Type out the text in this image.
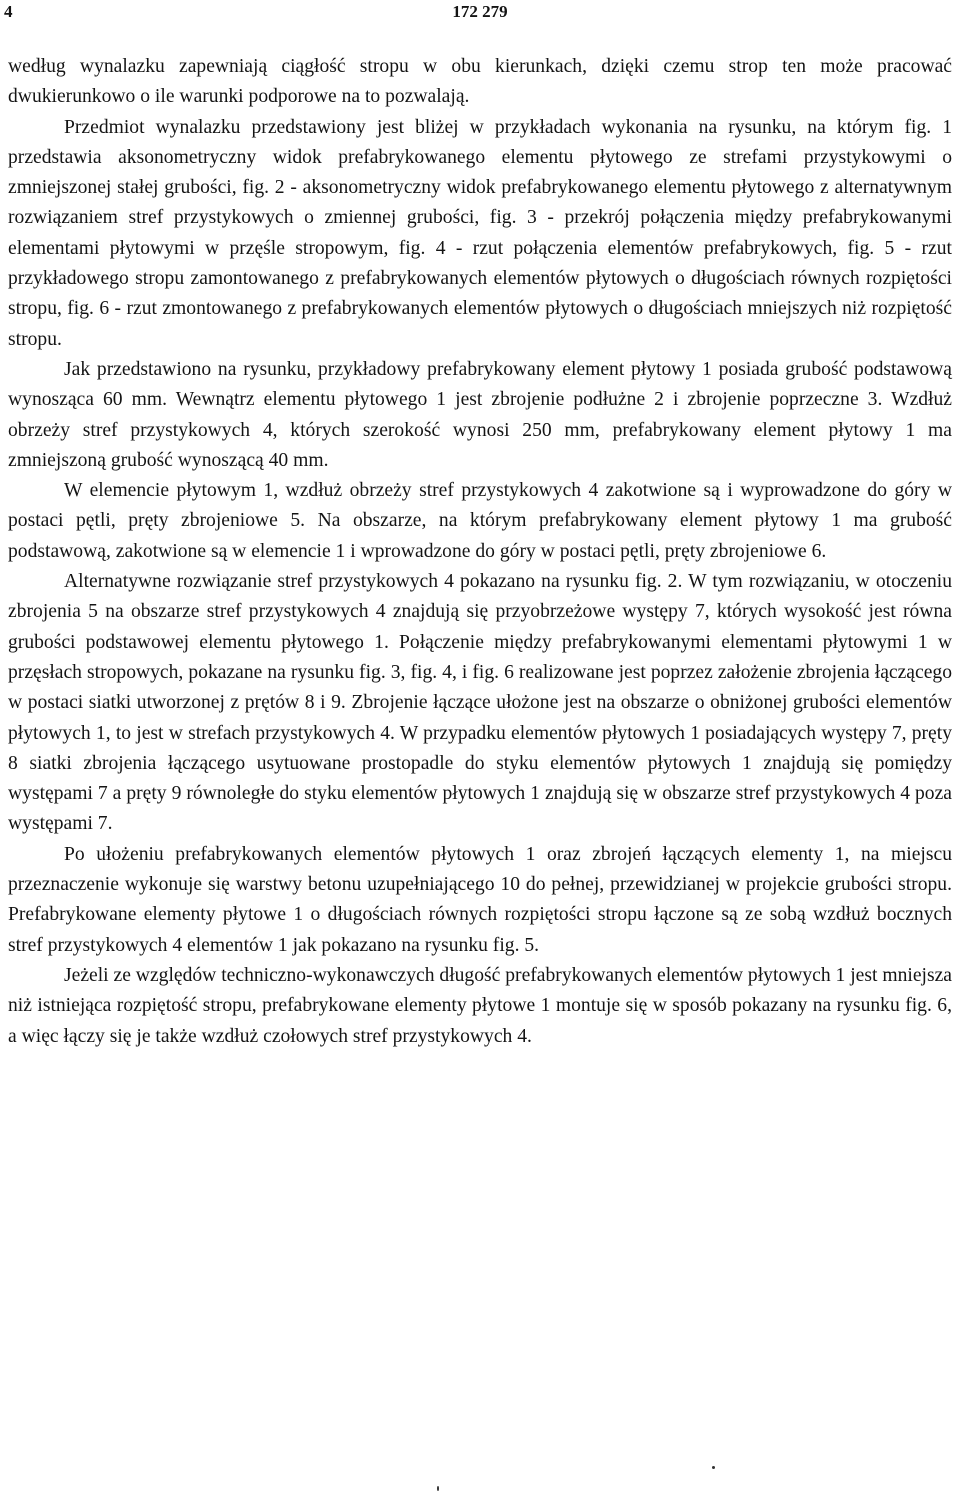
4	172 279

według wynalazku zapewniają ciągłość stropu w obu kierunkach, dzięki czemu strop ten może pracować dwukierunkowo o ile warunki podporowe na to pozwalają.

Przedmiot wynalazku przedstawiony jest bliżej w przykładach wykonania na rysunku, na którym fig. 1 przedstawia aksonometryczny widok prefabrykowanego elementu płytowego ze strefami przystykowymi o zmniejszonej stałej grubości, fig. 2 - aksonometryczny widok prefabrykowanego elementu płytowego z alternatywnym rozwiązaniem stref przystykowych o zmiennej grubości, fig. 3 - przekrój połączenia między prefabrykowanymi elementami płytowymi w przęśle stropowym, fig. 4 - rzut połączenia elementów prefabrykowych, fig. 5 - rzut przykładowego stropu zamontowanego z prefabrykowanych elementów płytowych o długościach równych rozpiętości stropu, fig. 6 - rzut zmontowanego z prefabrykowanych elementów płytowych o długościach mniejszych niż rozpiętość stropu.

Jak przedstawiono na rysunku, przykładowy prefabrykowany element płytowy 1 posiada grubość podstawową wynosząca 60 mm. Wewnątrz elementu płytowego 1 jest zbrojenie podłużne 2 i zbrojenie poprzeczne 3. Wzdłuż obrzeży stref przystykowych 4, których szerokość wynosi 250 mm, prefabrykowany element płytowy 1 ma zmniejszoną grubość wynoszącą 40 mm.

W elemencie płytowym 1, wzdłuż obrzeży stref przystykowych 4 zakotwione są i wyprowadzone do góry w postaci pętli, pręty zbrojeniowe 5. Na obszarze, na którym prefabrykowany element płytowy 1 ma grubość podstawową, zakotwione są w elemencie 1 i wprowadzone do góry w postaci pętli, pręty zbrojeniowe 6.

Alternatywne rozwiązanie stref przystykowych 4 pokazano na rysunku fig. 2. W tym rozwiązaniu, w otoczeniu zbrojenia 5 na obszarze stref przystykowych 4 znajdują się przyobrzeżowe występy 7, których wysokość jest równa grubości podstawowej elementu płytowego 1. Połączenie między prefabrykowanymi elementami płytowymi 1 w przęsłach stropowych, pokazane na rysunku fig. 3, fig. 4, i fig. 6 realizowane jest poprzez założenie zbrojenia łączącego w postaci siatki utworzonej z prętów 8 i 9. Zbrojenie łączące ułożone jest na obszarze o obniżonej grubości elementów płytowych 1, to jest w strefach przystykowych 4. W przypadku elementów płytowych 1 posiadających występy 7, pręty 8 siatki zbrojenia łączącego usytuowane prostopadle do styku elementów płytowych 1 znajdują się pomiędzy występami 7 a pręty 9 równoległe do styku elementów płytowych 1 znajdują się w obszarze stref przystykowych 4 poza występami 7.

Po ułożeniu prefabrykowanych elementów płytowych 1 oraz zbrojeń łączących elementy 1, na miejscu przeznaczenie wykonuje się warstwy betonu uzupełniającego 10 do pełnej, przewidzianej w projekcie grubości stropu. Prefabrykowane elementy płytowe 1 o długościach równych rozpiętości stropu łączone są ze sobą wzdłuż bocznych stref przystykowych 4 elementów 1 jak pokazano na rysunku fig. 5.

Jeżeli ze względów techniczno-wykonawczych długość prefabrykowanych elementów płytowych 1 jest mniejsza niż istniejąca rozpiętość stropu, prefabrykowane elementy płytowe 1 montuje się w sposób pokazany na rysunku fig. 6, a więc łączy się je także wzdłuż czołowych stref przystykowych 4.
